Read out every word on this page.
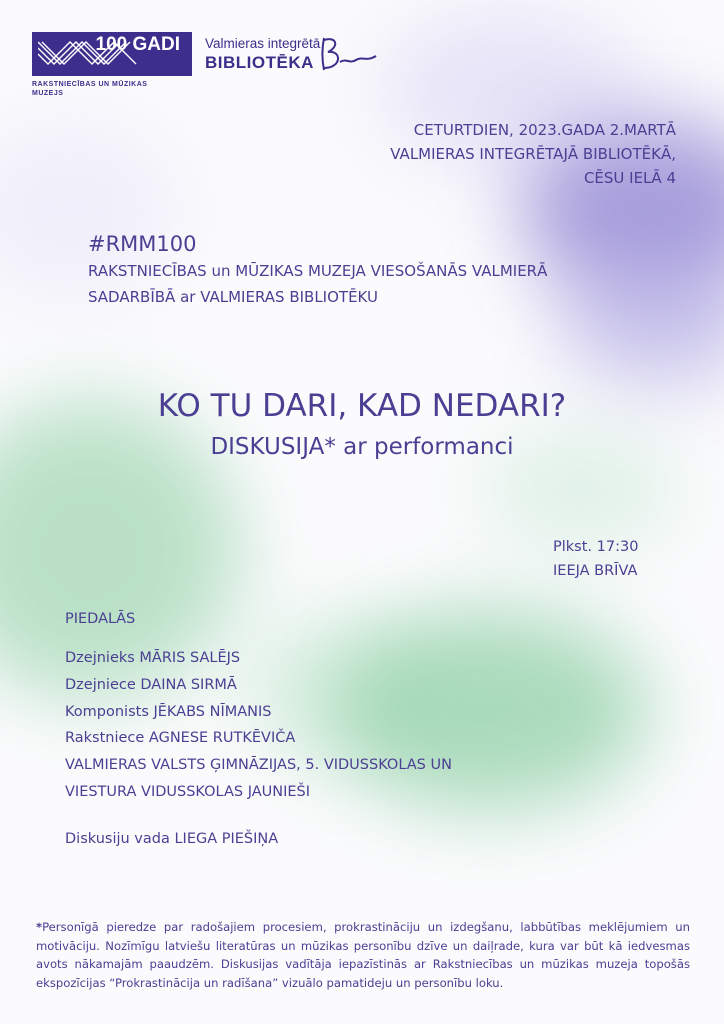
100 GADI
RAKSTNIECĪBAS UN MŪZIKAS MUZEJS
Valmieras integrētā
BIBLIOTĒKA
CETURTDIEN, 2023.GADA 2.MARTĀ
VALMIERAS INTEGRĒTAJĀ BIBLIOTĒKĀ,
CĒSU IELĀ 4
#RMM100
RAKSTNIECĪBAS un MŪZIKAS MUZEJA VIESOŠANĀS VALMIERĀ
SADARBĪBĀ ar VALMIERAS BIBLIOTĒKU
KO TU DARI, KAD NEDARI?
DISKUSIJA* ar performanci
Plkst. 17:30
IEEJA BRĪVA
PIEDALĀS
Dzejnieks MĀRIS SALĒJS
Dzejniece DAINA SIRMĀ
Komponists JĒKABS NĪMANIS
Rakstniece AGNESE RUTKĒVIČA
VALMIERAS VALSTS ĢIMNĀZIJAS, 5. VIDUSSKOLAS UN
VIESTURA VIDUSSKOLAS JAUNIEŠI
Diskusiju vada LIEGA PIEŠIŅA
*Personīgā pieredze par radošajiem procesiem, prokrastināciju un izdegšanu, labbūtības meklējumiem un motivāciju. Nozīmīgu latviešu literatūras un mūzikas personību dzīve un daiļrade, kura var būt kā iedvesmas avots nākamajām paaudzēm. Diskusijas vadītāja iepazīstinās ar Rakstniecības un mūzikas muzeja topošās ekspozīcijas “Prokrastinācija un radīšana” vizuālo pamatideju un personību loku.
